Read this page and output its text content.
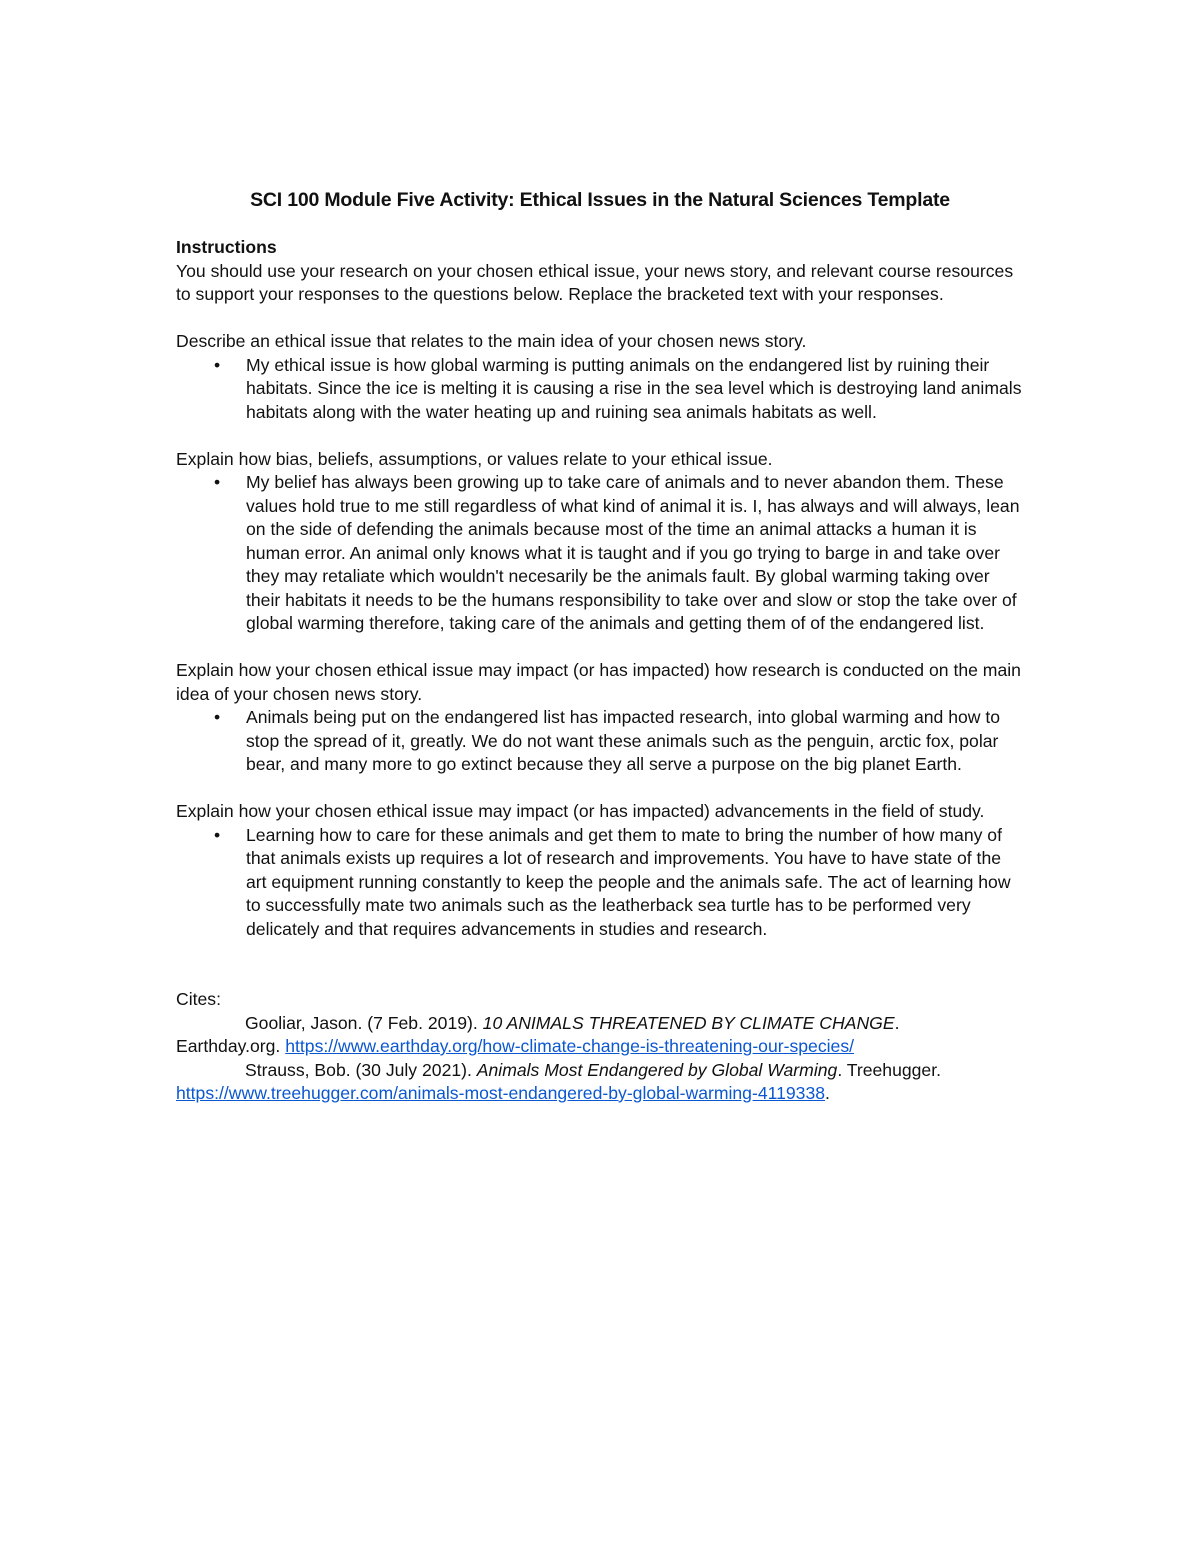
SCI 100 Module Five Activity: Ethical Issues in the Natural Sciences Template

Instructions

You should use your research on your chosen ethical issue, your news story, and relevant course resources to support your responses to the questions below. Replace the bracketed text with your responses.

Describe an ethical issue that relates to the main idea of your chosen news story.

• My ethical issue is how global warming is putting animals on the endangered list by ruining their habitats. Since the ice is melting it is causing a rise in the sea level which is destroying land animals habitats along with the water heating up and ruining sea animals habitats as well.

Explain how bias, beliefs, assumptions, or values relate to your ethical issue.

• My belief has always been growing up to take care of animals and to never abandon them. These values hold true to me still regardless of what kind of animal it is. I, has always and will always, lean on the side of defending the animals because most of the time an animal attacks a human it is human error. An animal only knows what it is taught and if you go trying to barge in and take over they may retaliate which wouldn't necesarily be the animals fault. By global warming taking over their habitats it needs to be the humans responsibility to take over and slow or stop the take over of global warming therefore, taking care of the animals and getting them of of the endangered list.

Explain how your chosen ethical issue may impact (or has impacted) how research is conducted on the main idea of your chosen news story.

• Animals being put on the endangered list has impacted research, into global warming and how to stop the spread of it, greatly. We do not want these animals such as the penguin, arctic fox, polar bear, and many more to go extinct because they all serve a purpose on the big planet Earth.

Explain how your chosen ethical issue may impact (or has impacted) advancements in the field of study.

• Learning how to care for these animals and get them to mate to bring the number of how many of that animals exists up requires a lot of research and improvements. You have to have state of the art equipment running constantly to keep the people and the animals safe. The act of learning how to successfully mate two animals such as the leatherback sea turtle has to be performed very delicately and that requires advancements in studies and research.

Cites:

Gooliar, Jason. (7 Feb. 2019). 10 ANIMALS THREATENED BY CLIMATE CHANGE.

Earthday.org. https://www.earthday.org/how-climate-change-is-threatening-our-species/

Strauss, Bob. (30 July 2021). Animals Most Endangered by Global Warming. Treehugger.

https://www.treehugger.com/animals-most-endangered-by-global-warming-4119338.
